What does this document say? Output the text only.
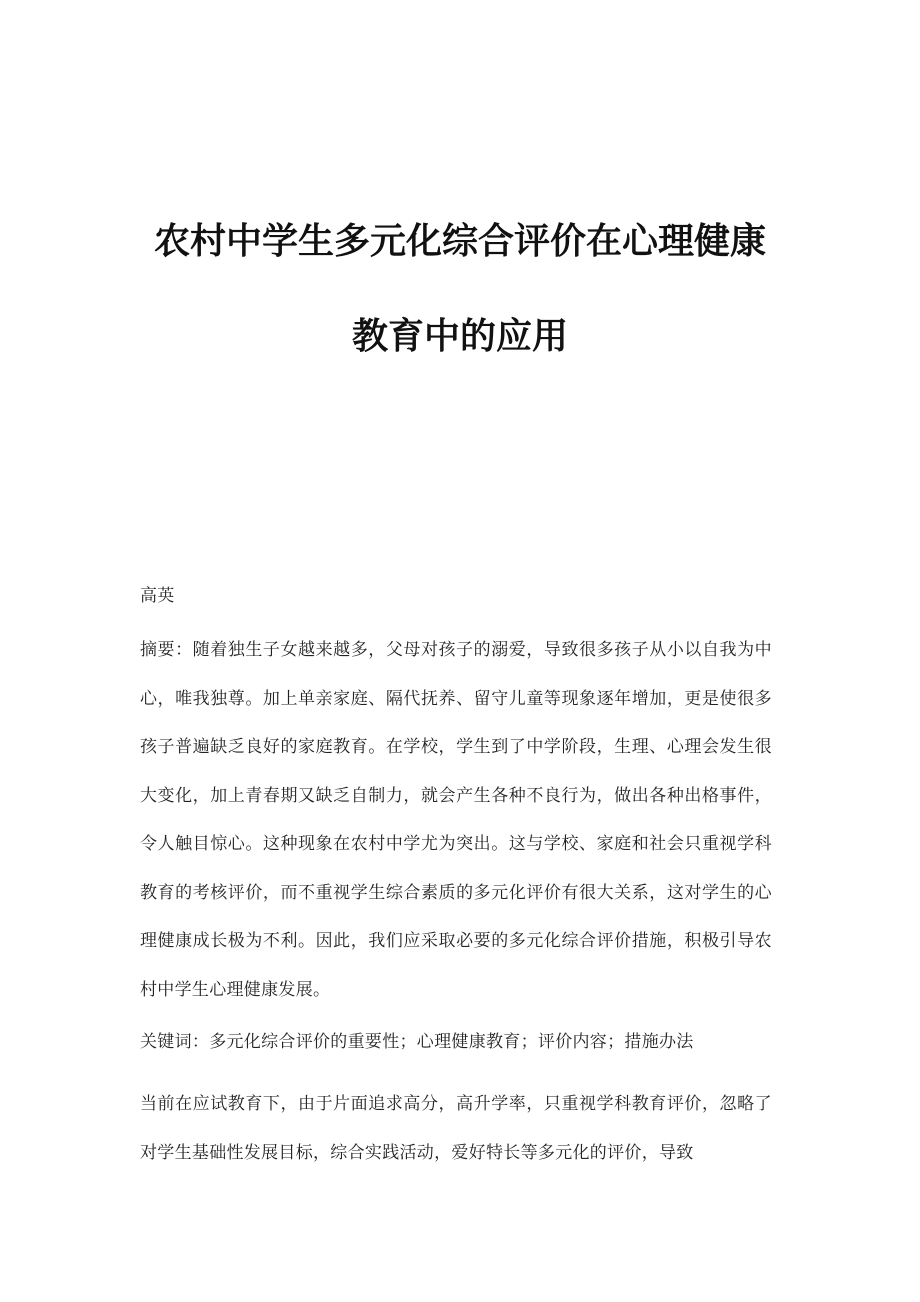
农村中学生多元化综合评价在心理健康
教育中的应用

高英

摘要：随着独生子女越来越多，父母对孩子的溺爱，导致很多孩子从小以自我为中心，唯我独尊。加上单亲家庭、隔代抚养、留守儿童等现象逐年增加，更是使很多孩子普遍缺乏良好的家庭教育。在学校，学生到了中学阶段，生理、心理会发生很大变化，加上青春期又缺乏自制力，就会产生各种不良行为，做出各种出格事件，令人触目惊心。这种现象在农村中学尤为突出。这与学校、家庭和社会只重视学科教育的考核评价，而不重视学生综合素质的多元化评价有很大关系，这对学生的心理健康成长极为不利。因此，我们应采取必要的多元化综合评价措施，积极引导农村中学生心理健康发展。

关键词：多元化综合评价的重要性；心理健康教育；评价内容；措施办法

当前在应试教育下，由于片面追求高分，高升学率，只重视学科教育评价，忽略了对学生基础性发展目标，综合实践活动，爱好特长等多元化的评价，导致
